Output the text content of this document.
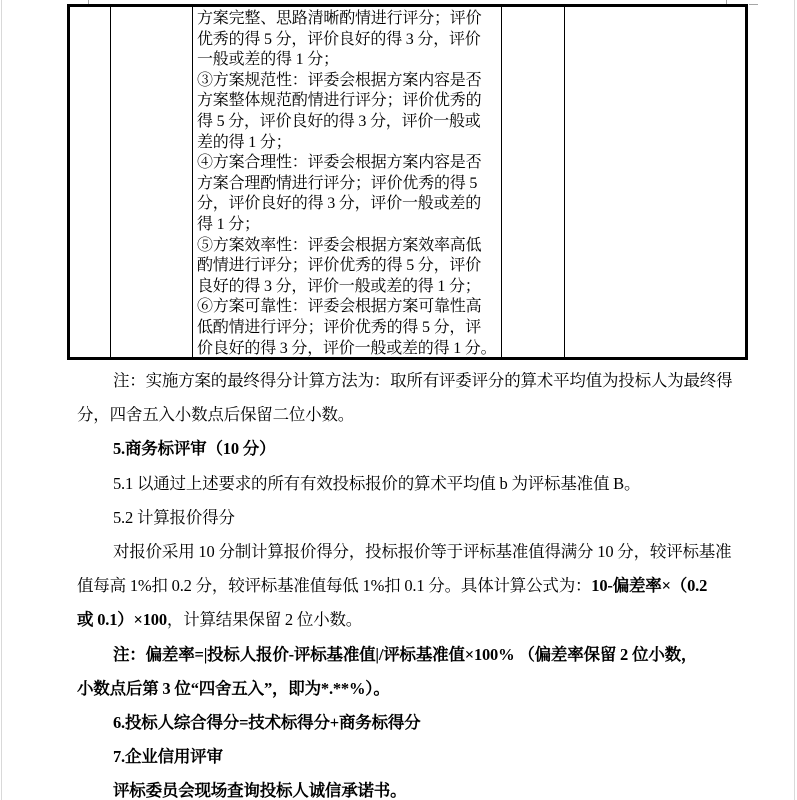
方案完整、思路清晰酌情进行评分；评价
优秀的得 5 分，评价良好的得 3 分，评价
一般或差的得 1 分；
③方案规范性：评委会根据方案内容是否
方案整体规范酌情进行评分；评价优秀的
得 5 分，评价良好的得 3 分，评价一般或
差的得 1 分；
④方案合理性：评委会根据方案内容是否
方案合理酌情进行评分；评价优秀的得 5
分，评价良好的得 3 分，评价一般或差的
得 1 分；
⑤方案效率性：评委会根据方案效率高低
酌情进行评分；评价优秀的得 5 分，评价
良好的得 3 分，评价一般或差的得 1 分；
⑥方案可靠性：评委会根据方案可靠性高
低酌情进行评分；评价优秀的得 5 分，评
价良好的得 3 分，评价一般或差的得 1 分。
注：实施方案的最终得分计算方法为：取所有评委评分的算术平均值为投标人为最终得
分，四舍五入小数点后保留二位小数。
5.商务标评审（10 分）
5.1 以通过上述要求的所有有效投标报价的算术平均值 b 为评标基准值 B。
5.2 计算报价得分
对报价采用 10 分制计算报价得分，投标报价等于评标基准值得满分 10 分，较评标基准
值每高 1%扣 0.2 分，较评标基准值每低 1%扣 0.1 分。具体计算公式为：10-偏差率×（0.2
或 0.1）×100，计算结果保留 2 位小数。
注：偏差率=|投标人报价-评标基准值|/评标基准值×100% （偏差率保留 2 位小数，
小数点后第 3 位“四舍五入”，即为*.**%）。
6.投标人综合得分=技术标得分+商务标得分
7.企业信用评审
评标委员会现场查询投标人诚信承诺书。
